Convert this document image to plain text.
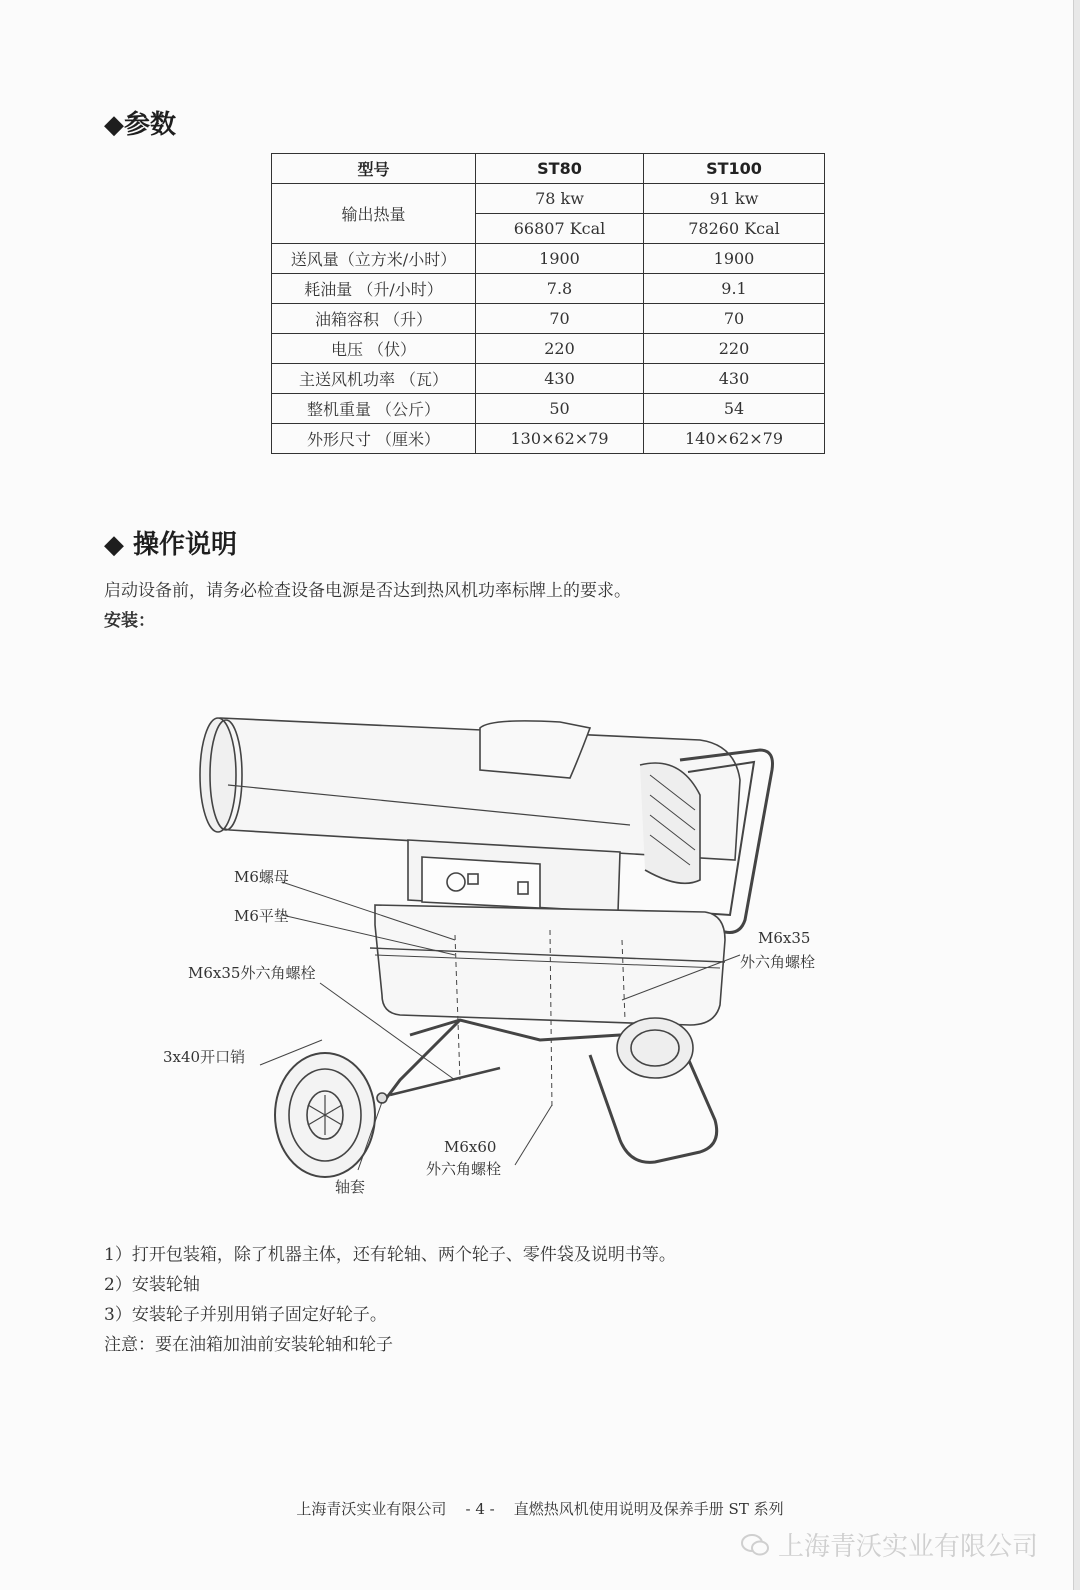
◆参数
型号	ST80	ST100
输出热量	78 kw	91 kw
	66807 Kcal	78260 Kcal
送风量（立方米/小时）	1900	1900
耗油量 （升/小时）	7.8	9.1
油箱容积 （升）	70	70
电压 （伏）	220	220
主送风机功率 （瓦）	430	430
整机重量 （公斤）	50	54
外形尺寸 （厘米）	130×62×79	140×62×79
◆ 操作说明
启动设备前，请务必检查设备电源是否达到热风机功率标牌上的要求。
安装：
M6螺母
M6平垫
M6x35外六角螺栓
3x40开口销
轴套
M6x60
外六角螺栓
M6x35
外六角螺栓
1）打开包装箱，除了机器主体，还有轮轴、两个轮子、零件袋及说明书等。
2）安装轮轴
3）安装轮子并别用销子固定好轮子。
注意：要在油箱加油前安装轮轴和轮子
上海青沃实业有限公司 - 4 - 直燃热风机使用说明及保养手册 ST 系列
上海青沃实业有限公司
